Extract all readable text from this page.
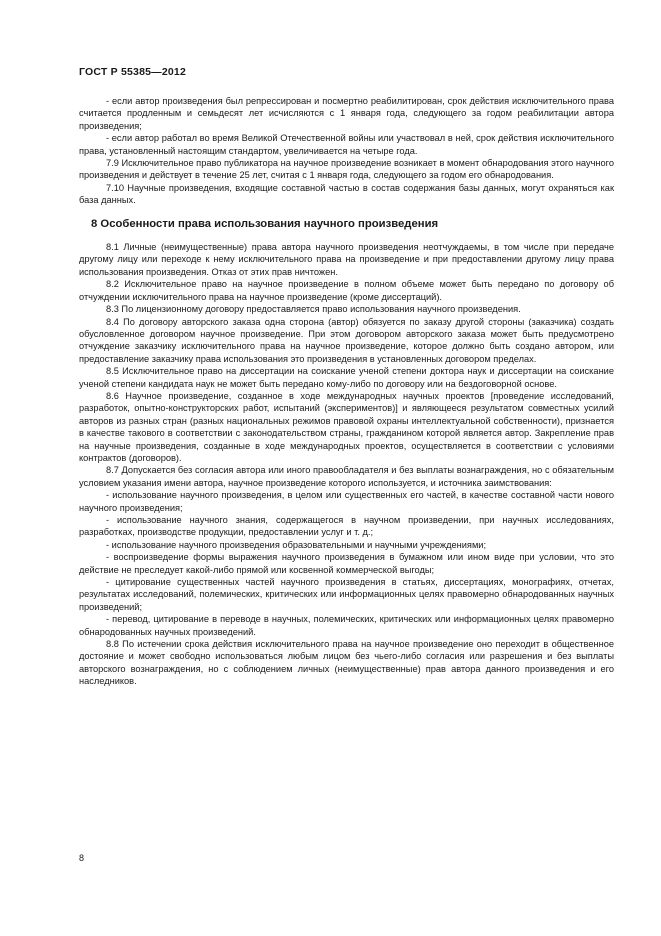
ГОСТ Р 55385—2012

- если автор произведения был репрессирован и посмертно реабилитирован, срок действия исключительного права считается продленным и семьдесят лет исчисляются с 1 января года, следующего за годом реабилитации автора произведения;

- если автор работал во время Великой Отечественной войны или участвовал в ней, срок действия исключительного права, установленный настоящим стандартом, увеличивается на четыре года.

7.9 Исключительное право публикатора на научное произведение возникает в момент обнародования этого научного произведения и действует в течение 25 лет, считая с 1 января года, следующего за годом его обнародования.

7.10 Научные произведения, входящие составной частью в состав содержания базы данных, могут охраняться как база данных.

8 Особенности права использования научного произведения

8.1 Личные (неимущественные) права автора научного произведения неотчуждаемы, в том числе при передаче другому лицу или переходе к нему исключительного права на произведение и при предоставлении другому лицу права использования произведения. Отказ от этих прав ничтожен.

8.2 Исключительное право на научное произведение в полном объеме может быть передано по договору об отчуждении исключительного права на научное произведение (кроме диссертаций).

8.3 По лицензионному договору предоставляется право использования научного произведения.

8.4 По договору авторского заказа одна сторона (автор) обязуется по заказу другой стороны (заказчика) создать обусловленное договором научное произведение. При этом договором авторского заказа может быть предусмотрено отчуждение заказчику исключительного права на научное произведение, которое должно быть создано автором, или предоставление заказчику права использования это произведения в установленных договором пределах.

8.5 Исключительное право на диссертации на соискание ученой степени доктора наук и диссертации на соискание ученой степени кандидата наук не может быть передано кому-либо по договору или на бездоговорной основе.

8.6 Научное произведение, созданное в ходе международных научных проектов [проведение исследований, разработок, опытно-конструкторских работ, испытаний (экспериментов)] и являющееся результатом совместных усилий авторов из разных стран (разных национальных режимов правовой охраны интеллектуальной собственности), признается в качестве такового в соответствии с законодательством страны, гражданином которой является автор. Закрепление прав на научные произведения, созданные в ходе международных проектов, осуществляется в соответствии с условиями контрактов (договоров).

8.7 Допускается без согласия автора или иного правообладателя и без выплаты вознаграждения, но с обязательным условием указания имени автора, научное произведение которого используется, и источника заимствования:

- использование научного произведения, в целом или существенных его частей, в качестве составной части нового научного произведения;

- использование научного знания, содержащегося в научном произведении, при научных исследованиях, разработках, производстве продукции, предоставлении услуг и т. д.;

- использование научного произведения образовательными и научными учреждениями;

- воспроизведение формы выражения научного произведения в бумажном или ином виде при условии, что это действие не преследует какой-либо прямой или косвенной коммерческой выгоды;

- цитирование существенных частей научного произведения в статьях, диссертациях, монографиях, отчетах, результатах исследований, полемических, критических или информационных целях правомерно обнародованных научных произведений;

- перевод, цитирование в переводе в научных, полемических, критических или информационных целях правомерно обнародованных научных произведений.

8.8 По истечении срока действия исключительного права на научное произведение оно переходит в общественное достояние и может свободно использоваться любым лицом без чьего-либо согласия или разрешения и без выплаты авторского вознаграждения, но с соблюдением личных (неимущественные) прав автора данного произведения и его наследников.

8
